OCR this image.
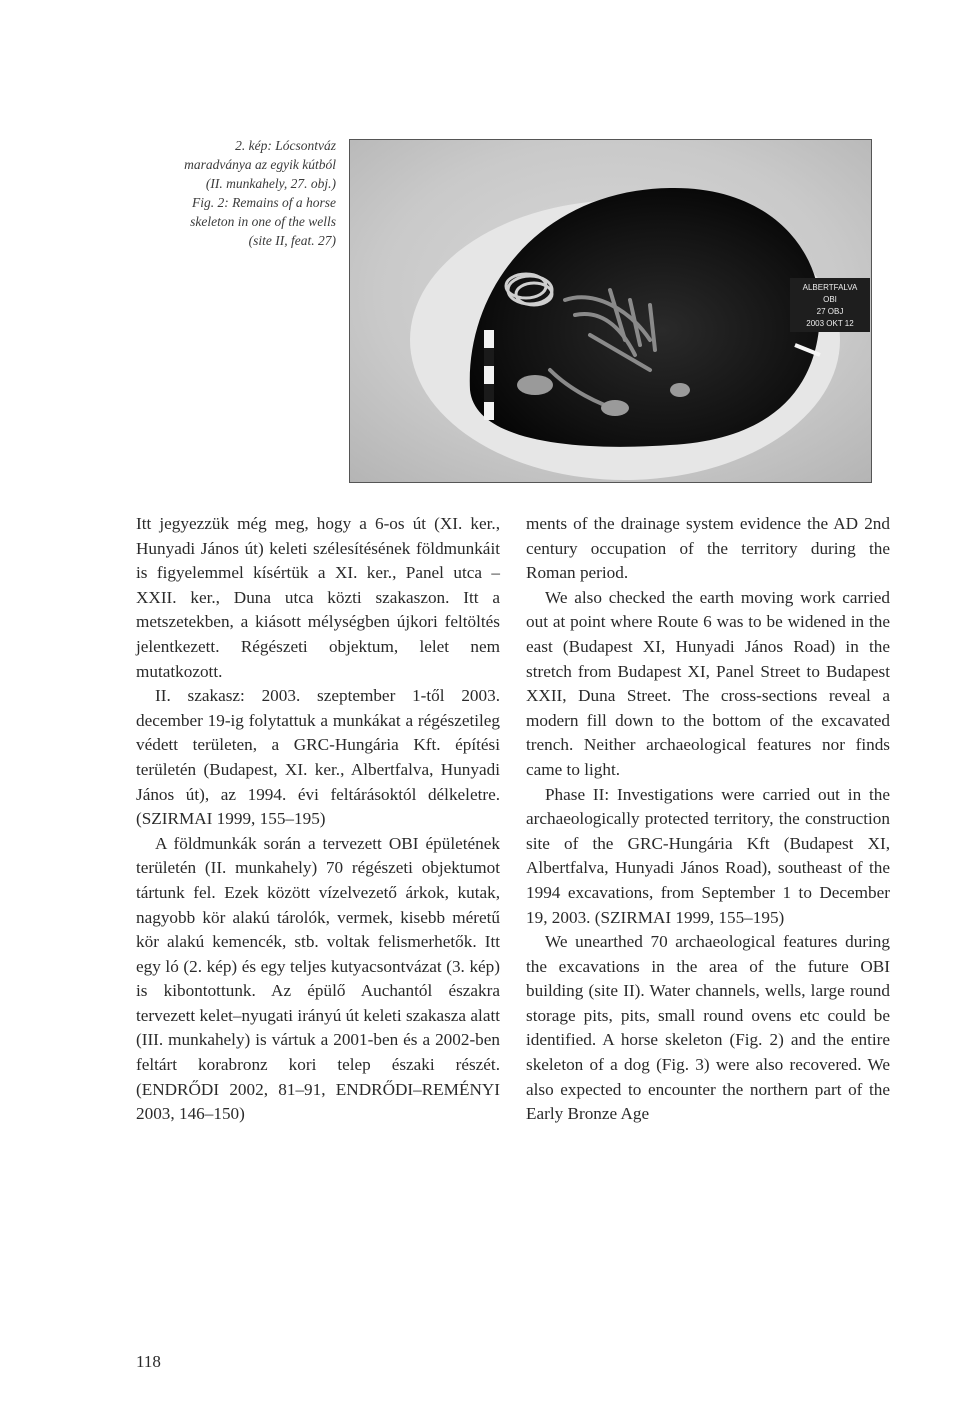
2. kép: Lócsontváz
maradványa az egyik kútból
(II. munkahely, 27. obj.)
Fig. 2: Remains of a horse
skeleton in one of the wells
(site II, feat. 27)
ALBERTFALVA
OBI
27 OBJ
2003 OKT 12

Itt jegyezzük még meg, hogy a 6-os út (XI. ker., Hunyadi János út) keleti szélesítésének földmunkáit is figyelemmel kísértük a XI. ker., Panel utca – XXII. ker., Duna utca közti szakaszon. Itt a metszetekben, a kiásott mélységben újkori feltöltés jelentkezett. Régészeti objektum, lelet nem mutatkozott.

II. szakasz: 2003. szeptember 1-től 2003. december 19-ig folytattuk a munkákat a régészetileg védett területen, a GRC-Hungária Kft. építési területén (Budapest, XI. ker., Albertfalva, Hunyadi János út), az 1994. évi feltárásoktól délkeletre. (SZIRMAI 1999, 155–195)

A földmunkák során a tervezett OBI épületének területén (II. munkahely) 70 régészeti objektumot tártunk fel. Ezek között vízelvezető árkok, kutak, nagyobb kör alakú tárolók, vermek, kisebb méretű kör alakú kemencék, stb. voltak felismerhetők. Itt egy ló (2. kép) és egy teljes kutyacsontvázat (3. kép) is kibontottunk. Az épülő Auchantól északra tervezett kelet–nyugati irányú út keleti szakasza alatt (III. munkahely) is vártuk a 2001-ben és a 2002-ben feltárt korabronz kori telep északi részét. (ENDRŐDI 2002, 81–91, ENDRŐDI–REMÉNYI 2003, 146–150)

ments of the drainage system evidence the AD 2nd century occupation of the territory during the Roman period.

We also checked the earth moving work carried out at point where Route 6 was to be widened in the east (Budapest XI, Hunyadi János Road) in the stretch from Budapest XI, Panel Street to Budapest XXII, Duna Street. The cross-sections reveal a modern fill down to the bottom of the excavated trench. Neither archaeological features nor finds came to light.

Phase II: Investigations were carried out in the archaeologically protected territory, the construction site of the GRC-Hungária Kft (Budapest XI, Albertfalva, Hunyadi János Road), southeast of the 1994 excavations, from September 1 to December 19, 2003. (SZIRMAI 1999, 155–195)

We unearthed 70 archaeological features during the excavations in the area of the future OBI building (site II). Water channels, wells, large round storage pits, pits, small round ovens etc could be identified. A horse skeleton (Fig. 2) and the entire skeleton of a dog (Fig. 3) were also recovered. We also expected to encounter the northern part of the Early Bronze Age

118
